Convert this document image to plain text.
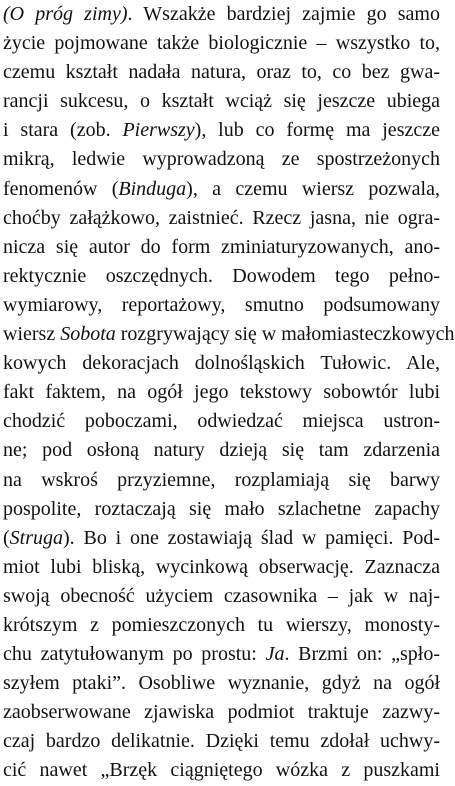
(O próg zimy). Wszakże bardziej zajmie go samo
życie pojmowane także biologicznie – wszystko to,
czemu kształt nadała natura, oraz to, co bez gwa-
rancji sukcesu, o kształt wciąż się jeszcze ubiega
i stara (zob. Pierwszy), lub co formę ma jeszcze
mikrą, ledwie wyprowadzoną ze spostrzeżonych
fenomenów (Binduga), a czemu wiersz pozwala,
choćby załążkowo, zaistnieć. Rzecz jasna, nie ogra-
nicza się autor do form zminiaturyzowanych, ano-
rektycznie oszczędnych. Dowodem tego pełno-
wymiarowy, reportażowy, smutno podsumowany
wiersz Sobota rozgrywający się w małomiasteczkowych
kowych dekoracjach dolnośląskich Tułowic. Ale,
fakt faktem, na ogół jego tekstowy sobowtór lubi
chodzić poboczami, odwiedzać miejsca ustron-
ne; pod osłoną natury dzieją się tam zdarzenia
na wskroś przyziemne, rozplamiają się barwy
pospolite, roztaczają się mało szlachetne zapachy
(Struga). Bo i one zostawiają ślad w pamięci. Pod-
miot lubi bliską, wycinkową obserwację. Zaznacza
swoją obecność użyciem czasownika – jak w naj-
krótszym z pomieszczonych tu wierszy, monosty-
chu zatytułowanym po prostu: Ja. Brzmi on: „spło-
szyłem ptaki”. Osobliwe wyznanie, gdyż na ogół
zaobserwowane zjawiska podmiot traktuje zazwy-
czaj bardzo delikatnie. Dzięki temu zdołał uchwy-
cić nawet „Brzęk ciągniętego wózka z puszkami
